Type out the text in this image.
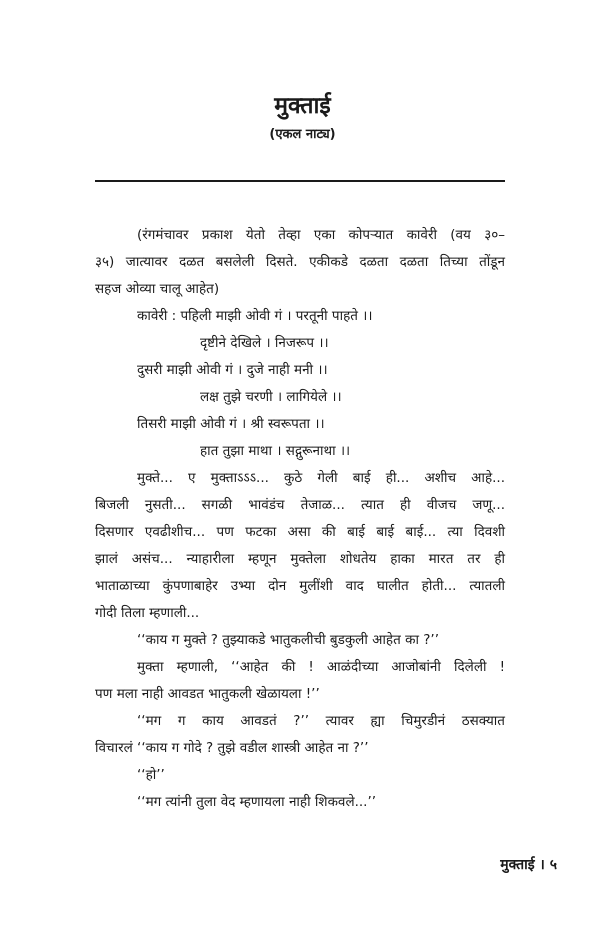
मुक्ताई
(एकल नाट्य)
(रंगमंचावर प्रकाश येतो तेव्हा एका कोपऱ्यात कावेरी (वय ३०–
३५) जात्यावर दळत बसलेली दिसते. एकीकडे दळता दळता तिच्या तोंडून
सहज ओव्या चालू आहेत)
कावेरी : पहिली माझी ओवी गं । परतूनी पाहते ।।
दृष्टीने देखिले । निजरूप ।।
दुसरी माझी ओवी गं । दुजे नाही मनी ।।
लक्ष तुझे चरणी । लागियेले ।।
तिसरी माझी ओवी गं । श्री स्वरूपता ।।
हात तुझा माथा । सद्गुरूनाथा ।।
मुक्ते... ए मुक्ताऽऽऽ... कुठे गेली बाई ही... अशीच आहे...
बिजली नुसती... सगळी भावंडंच तेजाळ... त्यात ही वीजच जणू...
दिसणार एवढीशीच... पण फटका असा की बाई बाई बाई... त्या दिवशी
झालं असंच... न्याहारीला म्हणून मुक्तेला शोधतेय हाका मारत तर ही
भाताळाच्या कुंपणाबाहेर उभ्या दोन मुलींशी वाद घालीत होती... त्यातली
गोदी तिला म्हणाली...
‘‘काय ग मुक्ते ? तुझ्याकडे भातुकलीची बुडकुली आहेत का ?’’
मुक्ता म्हणाली, ‘‘आहेत की ! आळंदीच्या आजोबांनी दिलेली !
पण मला नाही आवडत भातुकली खेळायला !’’
‘‘मग ग काय आवडतं ?’’ त्यावर ह्या चिमुरडीनं ठसक्यात
विचारलं ‘‘काय ग गोदे ? तुझे वडील शास्त्री आहेत ना ?’’
‘‘हो’’
‘‘मग त्यांनी तुला वेद म्हणायला नाही शिकवले...’’
मुक्ताई । ५
